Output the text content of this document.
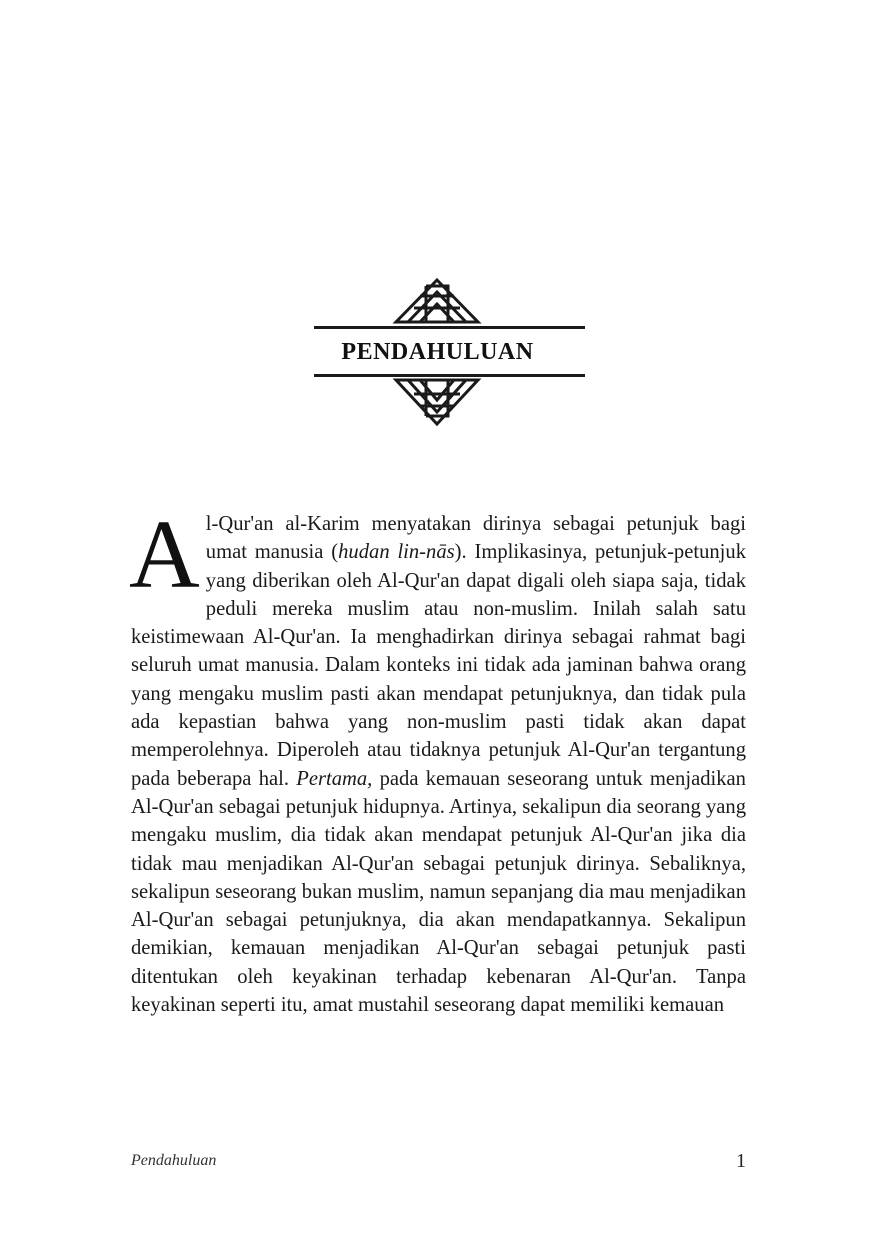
PENDAHULUAN
Al-Qur'an al-Karim menyatakan dirinya sebagai petunjuk bagi umat manusia (hudan lin-nās). Implikasinya, petunjuk-petunjuk yang diberikan oleh Al-Qur'an dapat digali oleh siapa saja, tidak peduli mereka muslim atau non-muslim. Inilah salah satu keistimewaan Al-Qur'an. Ia menghadirkan dirinya sebagai rahmat bagi seluruh umat manusia. Dalam konteks ini tidak ada jaminan bahwa orang yang mengaku muslim pasti akan mendapat petunjuknya, dan tidak pula ada kepastian bahwa yang non-muslim pasti tidak akan dapat memperolehnya. Diperoleh atau tidaknya petunjuk Al-Qur'an tergantung pada beberapa hal. Pertama, pada kemauan seseorang untuk menjadikan Al-Qur'an sebagai petunjuk hidupnya. Artinya, sekalipun dia seorang yang mengaku muslim, dia tidak akan mendapat petunjuk Al-Qur'an jika dia tidak mau menjadikan Al-Qur'an sebagai petunjuk dirinya. Sebaliknya, sekalipun seseorang bukan muslim, namun sepanjang dia mau menjadikan Al-Qur'an sebagai petunjuknya, dia akan mendapatkannya. Sekalipun demikian, kemauan menjadikan Al-Qur'an sebagai petunjuk pasti ditentukan oleh keyakinan terhadap kebenaran Al-Qur'an. Tanpa keyakinan seperti itu, amat mustahil seseorang dapat memiliki kemauan
Pendahuluan	1
